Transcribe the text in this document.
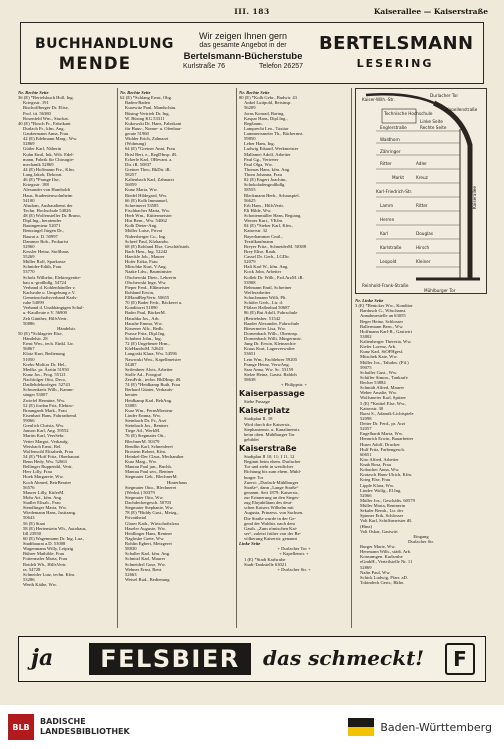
III. 183	Kaiserallee — Kaiserstraße
BUCHHANDLUNG
MENDE
Wir zeigen Ihnen gern
das gesamte Angebot in der
Bertelsmann-Bücherstube
Kurlstraße 76	Telefon 26257
BERTELSMANN
LESERING
Nr. Rechte Seite
36 (E) *Bertelsbuch Holl, Ing.
Kriegsstr. 191
Bischoffberger Dr. Elise,
Prof. tit. 56380
Rosenfeld Wm., Stuckat.
40 (E) *Bosch Fr., Fabrikant
Durlach Fr., kfm. Ang.
Gaukermann Anna, Frau
42 (E) Edelmann Marg., Ww.
52869
Gütler Karl, Näherin
Kuhn Emil, Ink. Wtb. Edel-
mann, Fabrik für Chirurgie-
mechanik 52869
44 (E) Hoffmann Frz., Kfm.
Lang Jakob, Dekorat.
46 (E) *Prange Ilse,
Kriegsstr. 188
Alexander von Humboldt
Haus, Studentenwohnheim
54100
Ahsdom, Ausbaudienst der
Techn. Hochschule 54026
48 (E) Wolfensteller Dr. Bruno,
Dipl.Ing., beratender
Bauingenieur 52071
Bentsingel Jürgen Dr.,
Baurat a. D. 50997
Dammer Rob., Prokurist
52960
Kessler Heinz, Stoffhaus
55269
Müller Rolf, Sparkasse
Schnider-Edith, Frau
53770
Scholz Wilhelm, Elektrogeräte-
bau u.-großhdlg. 54724
Verband d. Kohlenhändler v.
Karlsruhe u. Umgebung e.V.
Gemeinschaftsverband Karls-
ruhe 54099
Verband d. Unabhängigen Schul-
u.-Kaufleute e.V. 56900
Zeh Günther, HilfsVertr.
50886
Händelstr.
50 (E) *Schlageter Else,
Händelstr. 28
Ernst Wm., tech. Einkl. Ltr.
56867
Klotz Kurt, Bedienung
51050
Krebs-Molitor Dr. Hel.,
Medfiz. pr. Ärztin 51950
Kunz Jos., Prog. 55121
Nachfolger Otto, Deco,
Dadleltdekorfeger. 52743
Schwenkreis Wilh., Kamm-
sänger 53007
Zwiefel Hermine, Ww.
52 (E) Jordan Friz, Elektro-
Braungardt Mark., Frau
Eisenhart Hans, Fahrradsend.
59066
Greulich Christa, Ww.
Janson Karl, Ang. 59552
Martin Karl, VersSekr.
Vetter Margot, Verkaufg.
Weisbach Ernst, Bel.
Wolfensohl Elisabeth, Frau
54 (E) *Hoff Fritz, Oberbaurat
Benn Hedy, Ww. 52663
Bellinger Ruppenthl, Vertr.
Herr Lilly, Frau
Hoek Margarete, Ww.
Koch Ahmed, BetrBerater
56576
Maurer Lilly, KüferM.
Mohr Art., kfm. Ang.
Stadler Elisab., Frau
Stendlinger Maria, Ww.
Wiedemann Hans, Justizang.
50643
56 (E) Staat
58 (E) Hertenstein Wh., Autohaus,
Iill 23930
60 (E) Wagenmann Dr. Ing. Luz.,
Stadtbaurat a.D. 53008
Wagenmann Willy, Leipzig
Bührer Mathilde, Frau
Fottermaler Maria, Frau
Reidelt Wh., HilfsVertr.
ra. 54728
Schneider Lutz, techn. Kfm.
53286
Werth Käthe, Ww.
Nr. Rechte Seite
62 (E) *Schlang Ernst, Obg.
Baden-Baden
Kurzwitz Paul, Mandschüu.
Büsing-Vertrieb Dr. Ing.
W. Büsing KG 53311
Kukowski Dr. Hans, Fabrikant
für Haus-, Nonne- u. Ofenbau-
gerate 51960
Widder Erich, Zahnarzt
(Wohnung)
64 (E) *Greiner Anni, Frau
Brisl Bert, e., RegDInsp. iR.
Eckerle Karl, ORevant. a.
Dir. iR. 50837
Greiner Theo, BkDir. iR.
58257
Kaltenbach Karl, Zahnarzt
56059
Kunz Maria, Ww.
Riedel Hildegard, Ww.
66 (E) Kolb Immanuel,
Schreinerei 53585
Fischbacher Marta, Ww.
Herb Wm., Küttermeister
Hirt Bern., Ww. 54062
Kolb Dieter-Ang.
Müller Luise, Privat
Nidersberger Co., Ing.
Scheef Paul, Kfzhandw.
68 (E) Rohland Else, Geschäftsinh.
Bach Hrm., Ing. 52242
Haeckle Joh., Maurer
Hofer Erika, Frau
Mitschke Kurt, V.Ang.
Naake Ldw., Bauminister
Olschewski Dietr., Lehrerin
Olschewski Inge, Ww.
Pieper Ferd., Elßmeister
Rohland Erwin,
ElHandRepVertr. 50655
70 (E) Bader Fedr., Bäckerei u.
Konditorei 51890
Bader Paul, BäckerM.
Haushka Jos., Arb.
Haushe Emma, Ww.
Kissener Alfr., Bedh.
Prasse Fritz, Dipl.Ing.
Schubert John., Ing.
72 (E) Ungeheuer Hrm.,
KfzHandwM. 52643
Langoski Klara, Ww. 54596
Nawroski Wm., Kapellmeister
54407
Seifenbeer Alois, Arbeiter
Stolle Ad., Fotograf
ZeruFrdr., techn. BbDInsp. iR.
74 (E) *Heidkamp Ruth, Frau
Berhard Günter, Verkaufs-
berater
Heidkamp Karl, BehAng.
53885
Kurz Wm., FernsMonteur
Linder Emma, Ww.
Steinbach Dr. Fr., Arzt
Steinbach Jos., Rentner
Tiege Ad., WerkM.
76 (E) Stegmaier Ott.,
BlechnerM. 50379
Bendlin Karl, Schneiderei
Brostein Robert, Kfm.
Heinkel-Der Claus, Mechaniker
Kurz Marg., Ww.
Mantau Paul jun., Buchh.
Mantau Paul sen., Rentner
Stegmaier Geb., BlechnerM.
Hinterhaus
Stegmaier Otto., Blechnerei
(Werkst.) 50379
Stegmaier Otto, Ww.
Dachdeckergesch. 50703
Stegmaier Stephanie, Ww.
78 (E) *Biddy Gust., Metzg.,
Privatthetal
Glaser Kath., Wirtschaftsfrau
Haseler Auguste, Ww.
Heidlinger Hans, Rentner
Nagloske Grete, Ww.
Rohlin Egbert, Metzgerei
58830
Schaller Karl, kfm. Ang.
Schnitzl Karl, Maurer
Schneiderl Guse, Ww.
Wehner Ernst, Rent.
52663
Weisel Rud., Bedienung
Nr. Rechte Seite
80 (E) *Kolb Gebr., Badwir. 43
Ankel Luitpold, Reisinsp.
56209
Jorns Konrad, Baring.
Kaspar Hans, Dipl.Ing.,
Regßaum.
Lamprecht Leo., Taxitar
Lammertsmeier Th., Bäckermst.
59850
Leber Hans, Ing.
Ludwig Eduard, Werkmeister
Mallamei Adolf, Arbeiter
Paul Gg., Vertreter
Paul Olga, Ww.
Thomas Hans, kfm. Ang.
Thom Johanna, Frau
82 (E) Engert Joachim,
Schokoladengroßhdlg.
58555
Bleckmann Herb., Schauspiel.
56625
Erb Hans., HilfsVertr.
Eli Hilde, Ww.
Schottenmüller Hans, Regiang.
Werner Kurt., VKfm.
84 (E) *Sieber Karl, Kfm.,
Kaiserstr. 32
Bayerhammer Cmtl.,
Textilkaufmann
Breyer Fritz., SchneiderM. 50388
Brey Elise, Raub.
Cassel Dr. Gerh., LGDir.
52079
Haft Karl W., kfm. Ang.
Kock John, Arbeiter
Kollek Dr. Wilh., Fzd.ArzM. iR.
53908
Rehmann Emil, Schreiner
Wefferarbeiter
Schuchmann Willi, Plt.
Schäfer Gerh., Ltr. d.
Pfälzer Hallenbad 50687
86 (E) Bui Adolf, Fahrschule
(Betriebsber. 51542
Baader Alexander, Fahrschule
Biesermeier Lisa, Ww.
Dornenbach Wilh., Oberinsp.
Dornenbach Willi, Mürgermstr.
Jung Dr. Erwin, Kleinarchiv
Kraus Kurt, Lagerverwalter
53651
Lein Wm., Fachlehrer 59205
Prange Heinz, VerwAng.
Saar Anna, Ww. Sc. 53159
Stelze Heinz, Gastst. Baldoh
58638
+ Philippstr. +
Kaiserpassage
Siehe Passage
Kaiserplatz
Stadtplan II, 18
Wird durch die Kaiserstr.,
Stephanienstr. u. Kanalinenstr.
beim oben. Mühlburger Tor
gebildet
Kaiserstraße
Stadtplan II 10, 11; I 11, 12
Beginnt beim ehem. Durlacher
Tor und zieht in westlicher
Richtung bis zum ehem. Mühl-
burger Tor
Zuerst: „Durlach-Mühlburger
Straße“, dann „Lange Straße“
genannt. Seit 1879: Kaiserstr.,
zur Erinnerung an den Sieges-
zug Ehrjubiläum des deut-
schen Kaisers Wilhelm mit
Augusta, Prinzess. von Sachsen.
Die Straße wurde in der Ge-
gend der Waldstr. nach dem
Gasth. „Zum römischen Kai-
ser“, zuletzt früher von der Be-
völkerung Kaiserstr. genannt
Linke Seite
+ Durlacher Tor +
+ Kapellenstr. +
1 (E) *Stadt Karlsruhe
Stadt-Tankstelle 63021
+ Durlacher Str. +
Nr. Linke Seite
3 (E) *Benicker Ww., Konditor
Bardusch G., Wäschanst.
Annahmestelle an 63055
Beger Heinz, Schlosser
Ballermann Bern., Ww.
Hoffmann Karl-R., Gastwirt
53802
Kaltenberger Theresia, Ww.
Kiefer Lorenz, Arb.
Kunz Karl, StOFHgesf.
Mitschek Kate, Ww.
Müller Jos., Tabakw. (Fil.)
59075
Schaffer Gust., Ww.
Schiffer Simon., Tonkrafe
Becher 53884
Schmidt Alfred, Maurer
Weber Amalie, Ww.
Wolfsmeier Karl, Spitzer
5 (E) *Knittel Else, Ww.,
Kaiserstr. 30
Burst S., Adamik-Lichtspiele
52098
Deiter Dr. Ferd., pr. Arzt
52057
Engelhardt Maria, Ww.
Hennrich Erwin, Bauarbeiter
Huser Adolf, Drucker
Hulf Fritz, Farbengesch.
60651
Kiro Alfred, Arbeiter
Knab Rosa, Frau
Kobacher Anna, Ww.
Kratzsch Hans-Ulrich, Kfm.
Krieg Else, Frau
Lipple Klara, Ww.
Lindev Wolfg., El.Ing.
52066
Müller Jos., Geschäfts. 60579
Müller Maria, Rentnerin
Sekaler Bernh., Ltr. der
Spinner Erik, Schlosser
Volt Karl, Schiffsmeister iR.
(Hinz)
Volt Oskar, Gastwirt
Eingang
Durlacher Str.
Burger Marie, Ww.
Herrmann Wilh., städt. Arb.
Konsumgen. Karlsruhe
eGmbH., Verteilstelle Nr. 11
52869
Nafin Paul, Ww.
Schick Ludwig, Pfarr. aD.
Tokindeck Gertr., Bkho.
Kaiser-Wilh.-Str.
Durlacher Tor
Kapellenstraße
Technische Hochschule
Linke Seite
Rechte Seite
Englerstraße
Waldhorn
Zähringer
Ritter	Adler
Kreuz
Markt
Karl-Friedrich-Str.
Lamm	Ritter
Herren
Karl	Douglas
Karlstraße	Hirsch
Leopold	Kleiner
Reinhold-Frank-Straße
Mühlburger Tor
Kaiserallee
ja	FELSBIER	das schmeckt!	F
BLB
BADISCHE
LANDESBIBLIOTHEK	Baden-Württemberg
